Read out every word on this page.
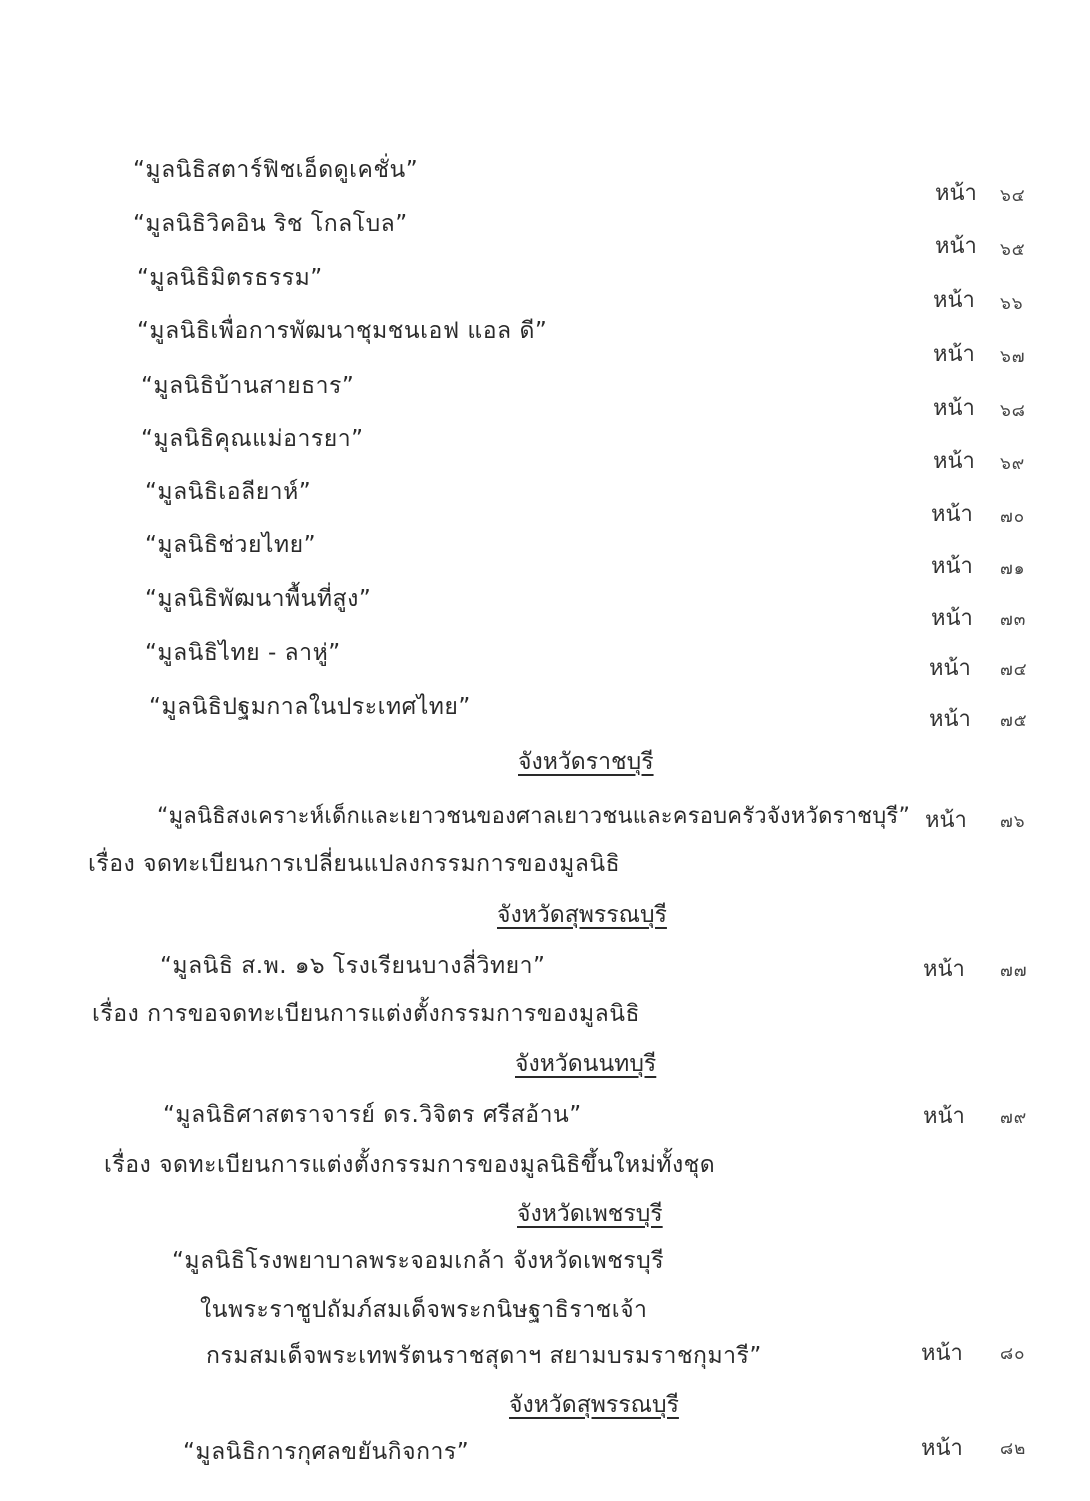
“มูลนิธิสตาร์ฟิชเอ็ดดูเคชั่น”
หน้า ๖๔
“มูลนิธิวิคอิน ริช โกลโบล”
หน้า ๖๕
“มูลนิธิมิตรธรรม”
หน้า ๖๖
“มูลนิธิเพื่อการพัฒนาชุมชนเอฟ แอล ดี”
หน้า ๖๗
“มูลนิธิบ้านสายธาร”
หน้า ๖๘
“มูลนิธิคุณแม่อารยา”
หน้า ๖๙
“มูลนิธิเอลียาห์”
หน้า ๗๐
“มูลนิธิช่วยไทย”
หน้า ๗๑
“มูลนิธิพัฒนาพื้นที่สูง”
หน้า ๗๓
“มูลนิธิไทย - ลาหู่”
หน้า ๗๔
“มูลนิธิปฐมกาลในประเทศไทย”	หน้า ๗๕
จังหวัดราชบุรี
“มูลนิธิสงเคราะห์เด็กและเยาวชนของศาลเยาวชนและครอบครัวจังหวัดราชบุรี” หน้า ๗๖
เรื่อง จดทะเบียนการเปลี่ยนแปลงกรรมการของมูลนิธิ
จังหวัดสุพรรณบุรี
“มูลนิธิ ส.พ. ๑๖ โรงเรียนบางลี่วิทยา”	หน้า ๗๗
เรื่อง การขอจดทะเบียนการแต่งตั้งกรรมการของมูลนิธิ
จังหวัดนนทบุรี
“มูลนิธิศาสตราจารย์ ดร.วิจิตร ศรีสอ้าน”	หน้า ๗๙
เรื่อง จดทะเบียนการแต่งตั้งกรรมการของมูลนิธิขึ้นใหม่ทั้งชุด
จังหวัดเพชรบุรี
“มูลนิธิโรงพยาบาลพระจอมเกล้า จังหวัดเพชรบุรี
ในพระราชูปถัมภ์สมเด็จพระกนิษฐาธิราชเจ้า
กรมสมเด็จพระเทพรัตนราชสุดาฯ สยามบรมราชกุมารี”	หน้า ๘๐
จังหวัดสุพรรณบุรี
“มูลนิธิการกุศลขยันกิจการ”	หน้า ๘๒
